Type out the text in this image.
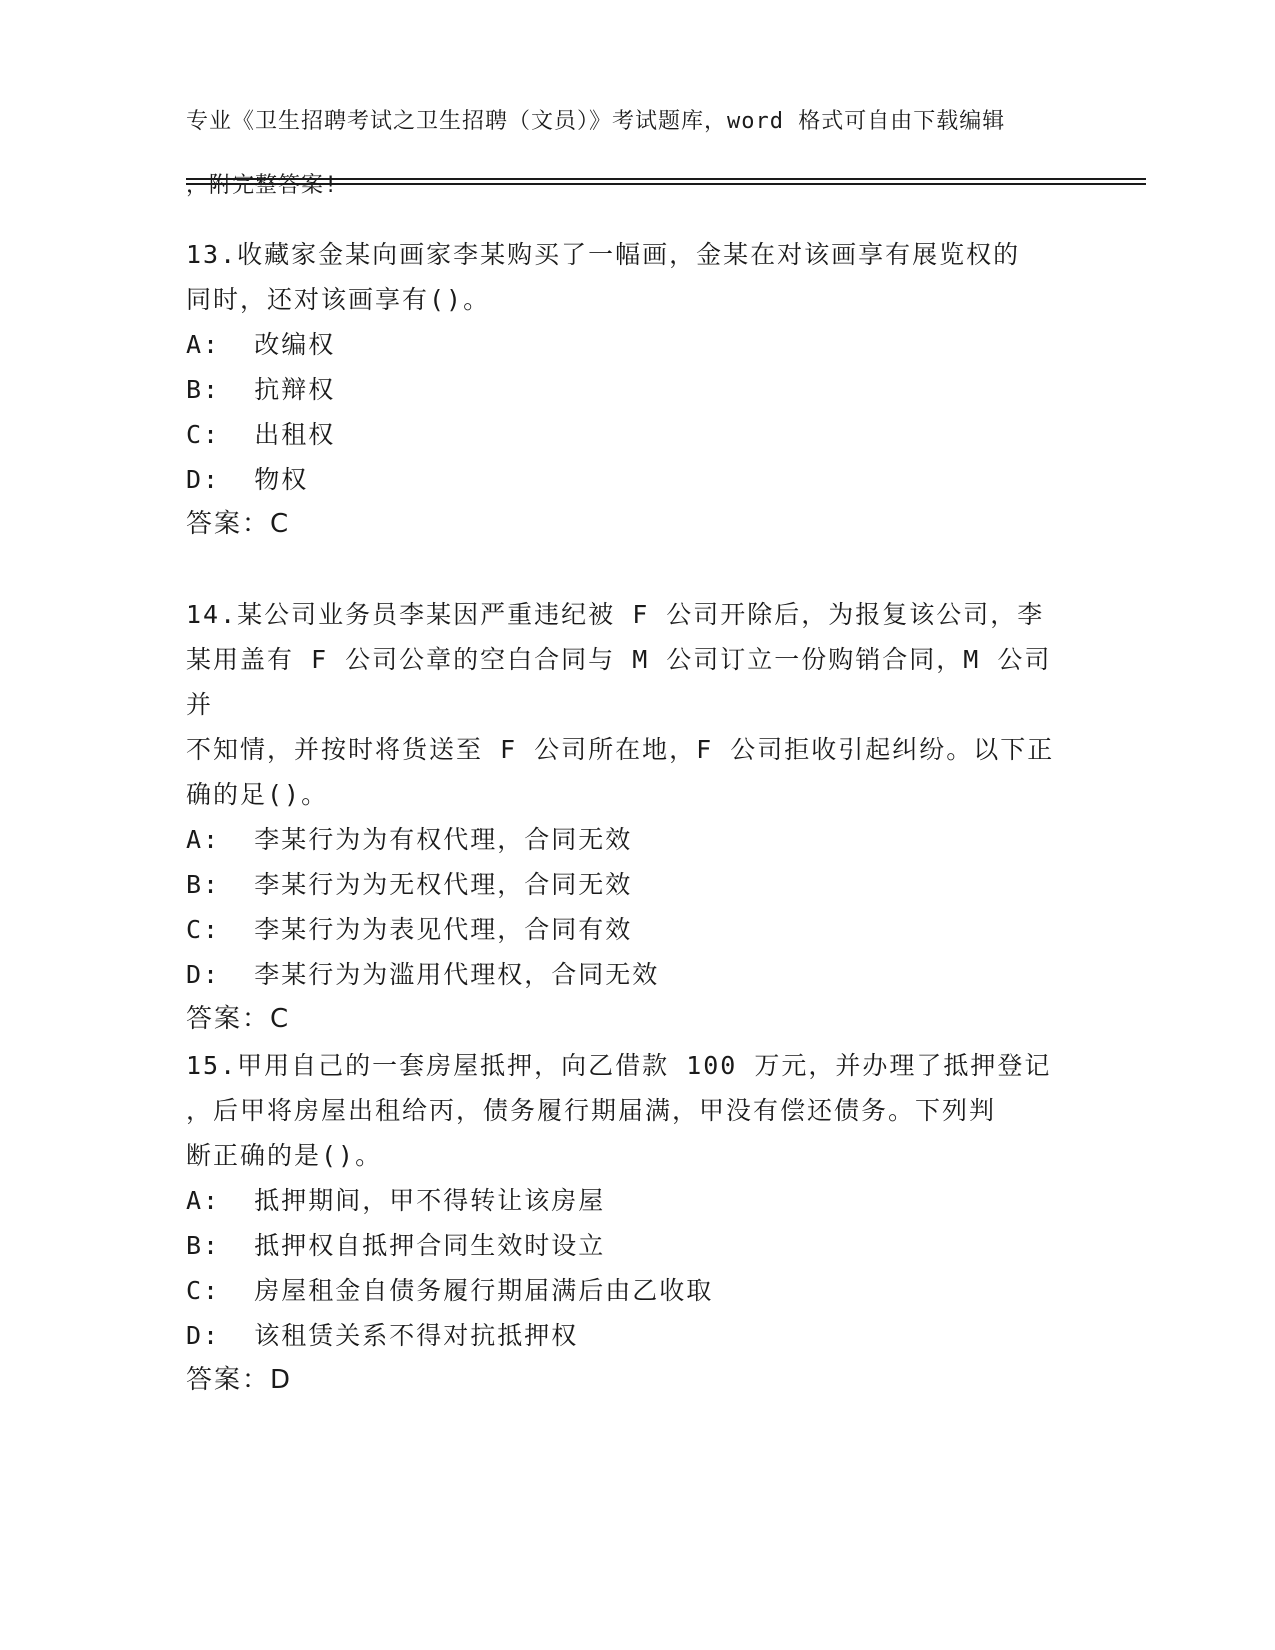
专业《卫生招聘考试之卫生招聘（文员）》考试题库，word 格式可自由下载编辑

，附完整答案!

13.收藏家金某向画家李某购买了一幅画，金某在对该画享有展览权的

同时，还对该画享有()。

A:  改编权

B:  抗辩权

C:  出租权

D:  物权

答案：C

14.某公司业务员李某因严重违纪被 F 公司开除后，为报复该公司，李

某用盖有 F 公司公章的空白合同与 M 公司订立一份购销合同，M 公司并

不知情，并按时将货送至 F 公司所在地，F 公司拒收引起纠纷。以下正

确的足()。

A:  李某行为为有权代理，合同无效

B:  李某行为为无权代理，合同无效

C:  李某行为为表见代理，合同有效

D:  李某行为为滥用代理权，合同无效

答案：C

15.甲用自己的一套房屋抵押，向乙借款 100 万元，并办理了抵押登记

，后甲将房屋出租给丙，债务履行期届满，甲没有偿还债务。下列判

断正确的是()。

A:  抵押期间，甲不得转让该房屋

B:  抵押权自抵押合同生效时设立

C:  房屋租金自债务履行期届满后由乙收取

D:  该租赁关系不得对抗抵押权

答案：D
